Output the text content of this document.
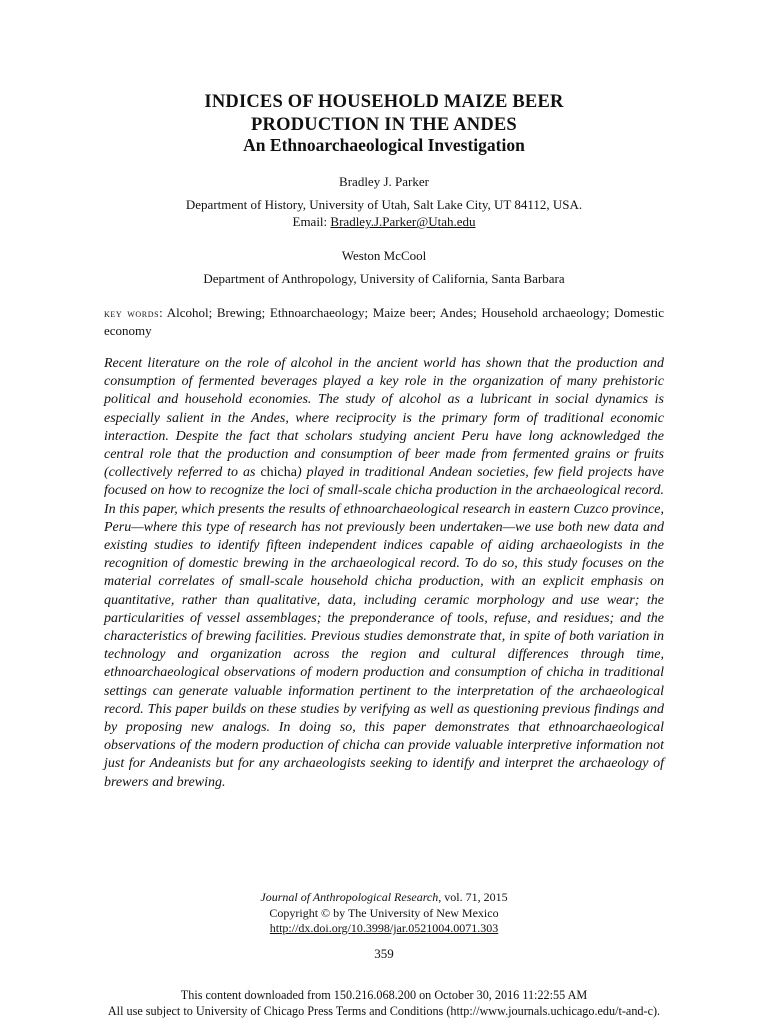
INDICES OF HOUSEHOLD MAIZE BEER
PRODUCTION IN THE ANDES
An Ethnoarchaeological Investigation
Bradley J. Parker
Department of History, University of Utah, Salt Lake City, UT 84112, USA.
Email: Bradley.J.Parker@Utah.edu
Weston McCool
Department of Anthropology, University of California, Santa Barbara
key words: Alcohol; Brewing; Ethnoarchaeology; Maize beer; Andes; Household archaeology; Domestic economy
Recent literature on the role of alcohol in the ancient world has shown that the production and consumption of fermented beverages played a key role in the organization of many prehistoric political and household economies. The study of alcohol as a lubricant in social dynamics is especially salient in the Andes, where reciprocity is the primary form of traditional economic interaction. Despite the fact that scholars studying ancient Peru have long acknowledged the central role that the production and consumption of beer made from fermented grains or fruits (collectively referred to as chicha) played in traditional Andean societies, few field projects have focused on how to recognize the loci of small-scale chicha production in the archaeological record. In this paper, which presents the results of ethnoarchaeological research in eastern Cuzco province, Peru—where this type of research has not previously been undertaken—we use both new data and existing studies to identify fifteen independent indices capable of aiding archaeologists in the recognition of domestic brewing in the archaeological record. To do so, this study focuses on the material correlates of small-scale household chicha production, with an explicit emphasis on quantitative, rather than qualitative, data, including ceramic morphology and use wear; the particularities of vessel assemblages; the preponderance of tools, refuse, and residues; and the characteristics of brewing facilities. Previous studies demonstrate that, in spite of both variation in technology and organization across the region and cultural differences through time, ethnoarchaeological observations of modern production and consumption of chicha in traditional settings can generate valuable information pertinent to the interpretation of the archaeological record. This paper builds on these studies by verifying as well as questioning previous findings and by proposing new analogs. In doing so, this paper demonstrates that ethnoarchaeological observations of the modern production of chicha can provide valuable interpretive information not just for Andeanists but for any archaeologists seeking to identify and interpret the archaeology of brewers and brewing.
Journal of Anthropological Research, vol. 71, 2015
Copyright © by The University of New Mexico
http://dx.doi.org/10.3998/jar.0521004.0071.303
359
This content downloaded from 150.216.068.200 on October 30, 2016 11:22:55 AM
All use subject to University of Chicago Press Terms and Conditions (http://www.journals.uchicago.edu/t-and-c).
